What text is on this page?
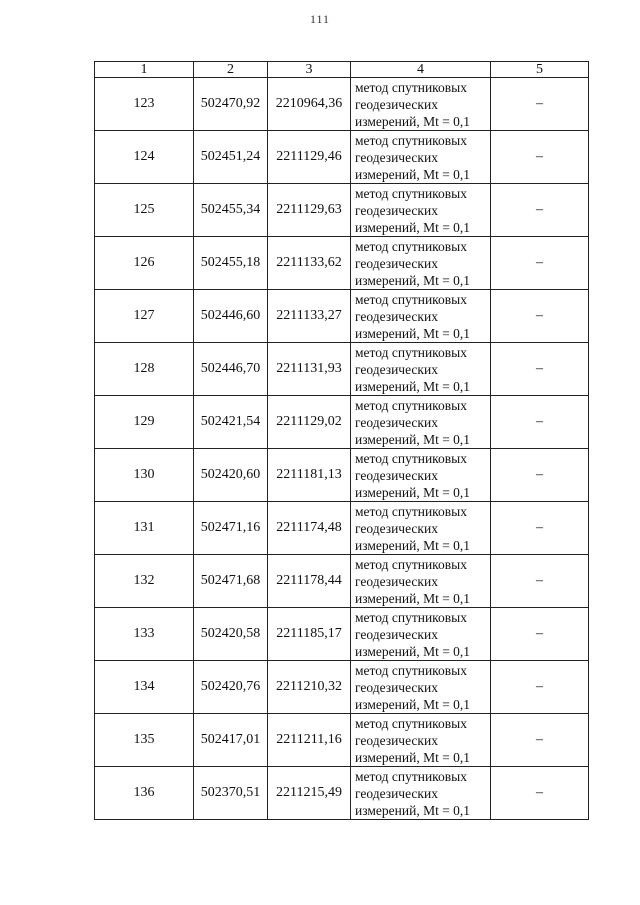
111
1	2	3	4	5
123	502470,92	2210964,36	метод спутниковых
геодезических
измерений, Mt = 0,1	–
124	502451,24	2211129,46	метод спутниковых
геодезических
измерений, Mt = 0,1	–
125	502455,34	2211129,63	метод спутниковых
геодезических
измерений, Mt = 0,1	–
126	502455,18	2211133,62	метод спутниковых
геодезических
измерений, Mt = 0,1	–
127	502446,60	2211133,27	метод спутниковых
геодезических
измерений, Mt = 0,1	–
128	502446,70	2211131,93	метод спутниковых
геодезических
измерений, Mt = 0,1	–
129	502421,54	2211129,02	метод спутниковых
геодезических
измерений, Mt = 0,1	–
130	502420,60	2211181,13	метод спутниковых
геодезических
измерений, Mt = 0,1	–
131	502471,16	2211174,48	метод спутниковых
геодезических
измерений, Mt = 0,1	–
132	502471,68	2211178,44	метод спутниковых
геодезических
измерений, Mt = 0,1	–
133	502420,58	2211185,17	метод спутниковых
геодезических
измерений, Mt = 0,1	–
134	502420,76	2211210,32	метод спутниковых
геодезических
измерений, Mt = 0,1	–
135	502417,01	2211211,16	метод спутниковых
геодезических
измерений, Mt = 0,1	–
136	502370,51	2211215,49	метод спутниковых
геодезических
измерений, Mt = 0,1	–
